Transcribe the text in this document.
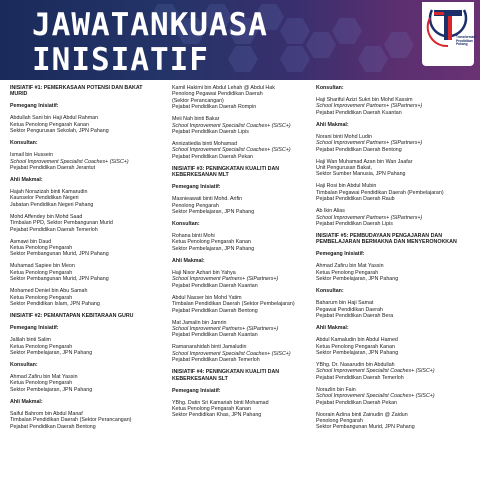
JAWATANKUASA
INISIATIF
Transformasi
Pendidikan
Pahang
INISIATIF #1: PEMERKASAAN POTENSI DAN BAKAT MURID
Pemegang Inisiatif:
Abdullah Sani bin Haji Abdul Rahman
Ketua Penolong Pengarah Kanan
Sektor Pengurusan Sekolah, JPN Pahang
Konsultan:
Ismail bin Hussein
School Improvement Specialist Coaches+ (SISC+)
Pejabat Pendidikan Daerah Jerantut
Ahli Makmal:
Hajah Norazizah binti Kamarudin
Kaunselor Pendidikan Negeri
Jabatan Pendidikan Negeri Pahang
Mohd Affendey bin Mohd Saad
Timbalan PPD, Sektor Pembangunan Murid
Pejabat Pendidikan Daerah Temerloh
Asmawi bin Daud
Ketua Penolong Pengarah
Sektor Pembangunan Murid, JPN Pahang
Muhamad Sapiee bin Meon
Ketua Penolong Pengarah
Sektor Pembangunan Murid, JPN Pahang
Mohamed Deniel bin Abu Samah
Ketua Penolong Pengarah
Sektor Pendidikan Islam, JPN Pahang
INISIATIF #2: PEMANTAPAN KEBITARAAN GURU
Pemegang Inisiatif:
Jalilah binti Salim
Ketua Penolong Pengarah
Sektor Pembelajaran, JPN Pahang
Konsultan:
Ahmad Zafiru bin Mat Yassin
Ketua Penolong Pengarah
Sektor Pembelajaran, JPN Pahang
Ahli Makmal:
Saiful Bahrom bin Abdul Manaf
Timbalan Pendidikan Daerah (Sektor Perancangan)
Pejabat Pendidikan Daerah Bentong
Kamil Hakimi bin Abdul Lehah @ Abdul Hak
Penolong Pegawai Pendidikan Daerah
(Sektor Perancangan)
Pejabat Pendidikan Daerah Rompin
Meii Nah binti Bakar
School Improvement Specialist Coaches+ (SISC+)
Pejabat Pendidikan Daerah Lipis
Annizatiedia binti Mohamad
School Improvement Specialist Coaches+ (SISC+)
Pejabat Pendidikan Daerah Pekan
INISIATIF #3: PENINGKATAN KUALITI DAN KEBERKESANAN MLT
Pemegang Inisiatif:
Masnieawati binti Mohd. Arifin
Penolong Pengarah
Sektor Pembelajaran, JPN Pahang
Konsultan:
Rohana binti Mohi
Ketua Penolong Pengarah Kanan
Sektor Pembelajaran, JPN Pahang
Ahli Makmal:
Haji Nisor Azhari bin Yahya
School Improvement Partners+ (SIPartners+)
Pejabat Pendidikan Daerah Kuantan
Abdul Nasser bin Mohd Yatim
Timbalan Pendidikan Daerah (Sektor Pembelajaran)
Pejabat Pendidikan Daerah Bentong
Mat Jamalin bin Jamrin
School Improvement Partners+ (SIPartners+)
Pejabat Pendidikan Daerah Kuantan
Ramanarahidah binti Jamaludin
School Improvement Specialist Coaches+ (SISC+)
Pejabat Pendidikan Daerah Temerloh
INISIATIF #4: PENINGKATAN KUALITI DAN KEBERKESANAN SLT
Pemegang Inisiatif:
YBhg. Datin Sri Kamariah binti Mohamad
Ketua Penolong Pengarah Kanan
Sektor Pendidikan Khas, JPN Pahang
Konsultan:
Haji Shariful Azizi Sukri bin Mohd Kassim
School Improvement Partners+ (SIPartners+)
Pejabat Pendidikan Daerah Kuantan
Ahli Makmal:
Norani binti Mohd Ludin
School Improvement Partners+ (SIPartners+)
Pejabat Pendidikan Daerah Bentong
Haji Wan Muhamad Azan bin Wan Jaafar
Unit Pengurusan Bakat,
Sektor Sumber Manusia, JPN Pahang
Haji Rosi bin Abdul Mubin
Timbalan Pegawai Pendidikan Daerah (Pembelajaran)
Pejabat Pendidikan Daerah Raub
Ab Ikin Alias
School Improvement Partners+ (SIPartners+)
Pejabat Pendidikan Daerah Lipis
INISIATIF #5: PEMBUDAYAAN PENGAJARAN DAN PEMBELAJARAN BERMAKNA DAN MENYERONOKKAN
Pemegang Inisiatif:
Ahmad Zafiru bin Mat Yassin
Ketua Penolong Pengarah
Sektor Pembelajaran, JPN Pahang
Konsultan:
Baharum bin Haji Samat
Pegawai Pendidikan Daerah
Pejabat Pendidikan Daerah Bera
Ahli Makmal:
Abdul Kamaludin bin Abdul Hamed
Ketua Penolong Pengarah Kanan
Sektor Pembelajaran, JPN Pahang
YBhg. Dr. Nasarudin bin Abdullah
School Improvement Specialist Coaches+ (SISC+)
Pejabat Pendidikan Daerah Temerloh
Norazlin bin Fain
School Improvement Specialist Coaches+ (SISC+)
Pejabat Pendidikan Daerah Pekan
Noorain Azlina binti Zainudin @ Zaidun
Penolong Pengarah
Sektor Pembangunan Murid, JPN Pahang
